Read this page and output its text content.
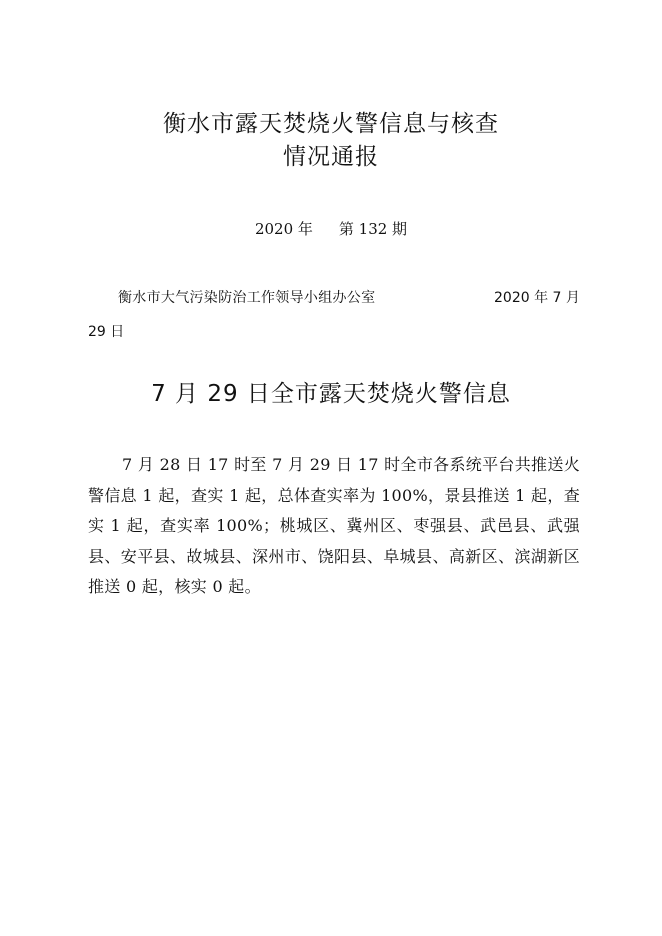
衡水市露天焚烧火警信息与核查
情况通报
2020 年 第 132 期
衡水市大气污染防治工作领导小组办公室	2020 年 7 月
29 日
7 月 29 日全市露天焚烧火警信息
7 月 28 日 17 时至 7 月 29 日 17 时全市各系统平台共推送火警信息 1 起，查实 1 起，总体查实率为 100%，景县推送 1 起，查实 1 起，查实率 100%；桃城区、冀州区、枣强县、武邑县、武强县、安平县、故城县、深州市、饶阳县、阜城县、高新区、滨湖新区推送 0 起，核实 0 起。
